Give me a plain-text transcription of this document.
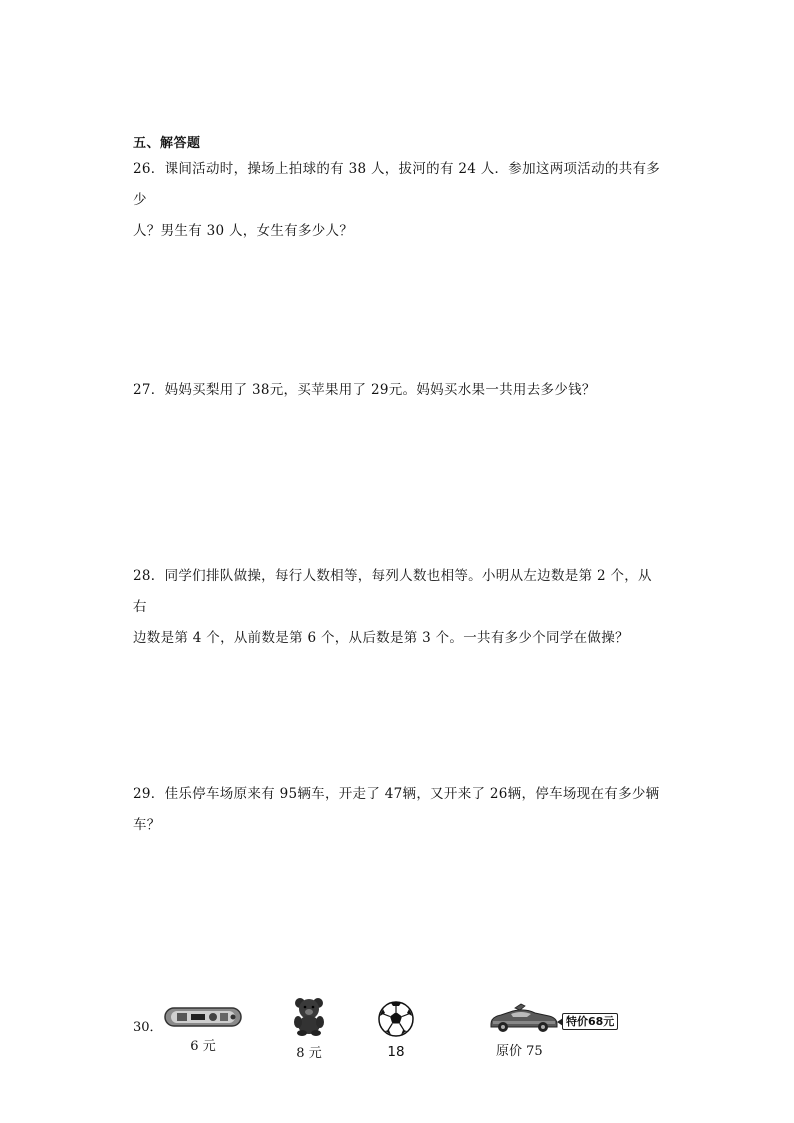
五、解答题
26．课间活动时，操场上拍球的有 38 人，拔河的有 24 人．参加这两项活动的共有多少
人？男生有 30 人，女生有多少人？
27．妈妈买梨用了 38元，买苹果用了 29元。妈妈买水果一共用去多少钱？
28．同学们排队做操，每行人数相等，每列人数也相等。小明从左边数是第 2 个，从右
边数是第 4 个，从前数是第 6 个，从后数是第 3 个。一共有多少个同学在做操？
29．佳乐停车场原来有 95辆车，开走了 47辆，又开来了 26辆，停车场现在有多少辆
车？
30．
6 元	8 元	18	原价 75
特价68元
